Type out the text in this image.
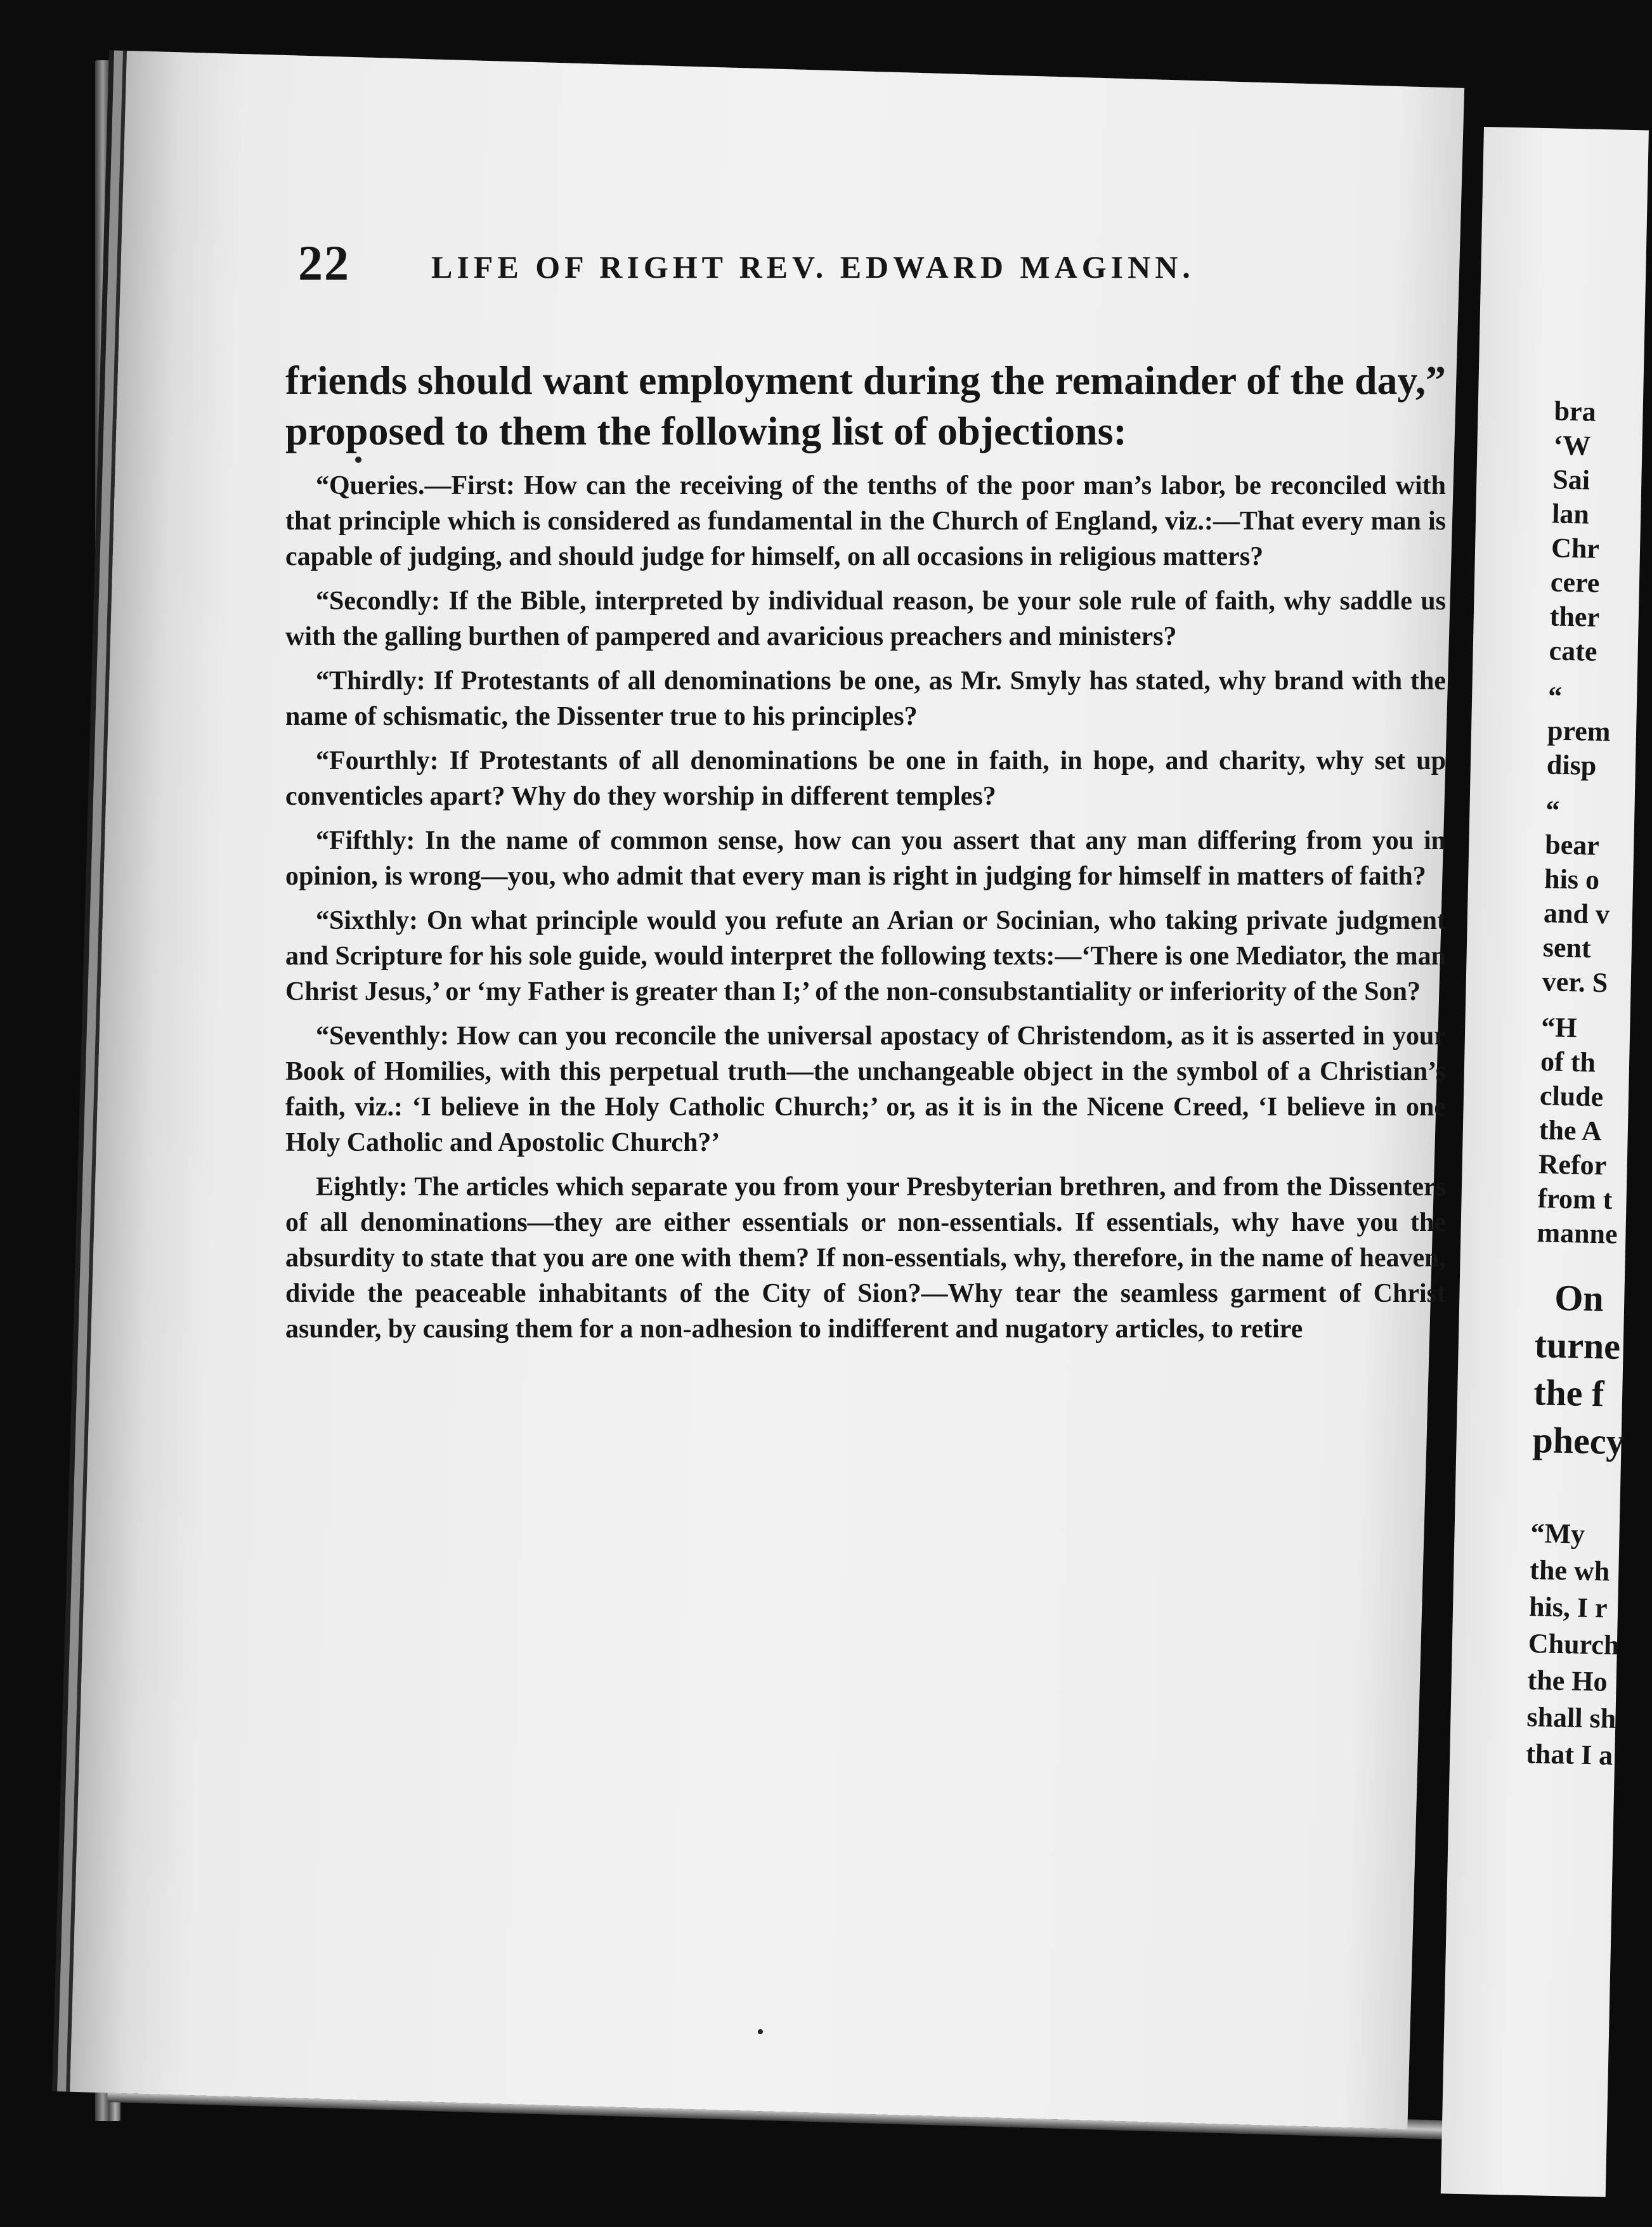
22	LIFE OF RIGHT REV. EDWARD MAGINN.

friends should want employment during the remainder of the day,” proposed to them the following list of objections:

“Queries.—First: How can the receiving of the tenths of the poor man’s labor, be reconciled with that principle which is considered as fundamental in the Church of England, viz.:—That every man is capable of judging, and should judge for himself, on all occasions in religious matters?

“Secondly: If the Bible, interpreted by individual reason, be your sole rule of faith, why saddle us with the galling burthen of pampered and avaricious preachers and ministers?

“Thirdly: If Protestants of all denominations be one, as Mr. Smyly has stated, why brand with the name of schismatic, the Dissenter true to his principles?

“Fourthly: If Protestants of all denominations be one in faith, in hope, and charity, why set up conventicles apart? Why do they worship in different temples?

“Fifthly: In the name of common sense, how can you assert that any man differing from you in opinion, is wrong—you, who admit that every man is right in judging for himself in matters of faith?

“Sixthly: On what principle would you refute an Arian or Socinian, who taking private judgment and Scripture for his sole guide, would interpret the following texts:—‘There is one Mediator, the man Christ Jesus,’ or ‘my Father is greater than I;’ of the non-consubstantiality or inferiority of the Son?

“Seventhly: How can you reconcile the universal apostacy of Christendom, as it is asserted in your Book of Homilies, with this perpetual truth—the unchangeable object in the symbol of a Christian’s faith, viz.: ‘I believe in the Holy Catholic Church;’ or, as it is in the Nicene Creed, ‘I believe in one Holy Catholic and Apostolic Church?’

Eightly: The articles which separate you from your Presbyterian brethren, and from the Dissenters of all denominations—they are either essentials or non-essentials. If essentials, why have you the absurdity to state that you are one with them? If non-essentials, why, therefore, in the name of heaven, divide the peaceable inhabitants of the City of Sion?—Why tear the seamless garment of Christ asunder, by causing them for a non-adhesion to indifferent and nugatory articles, to retire

bra
‘W
Sai
lan
Chr
cere
ther
cate
“
prem
disp
“
bear
his o
and v
sent
ver. S
“H
of th
clude
the A
Refor
from t
manne
On
turne
the f
phecy
“My
the wh
his, I r
Church
the Ho
shall sh
that I a
